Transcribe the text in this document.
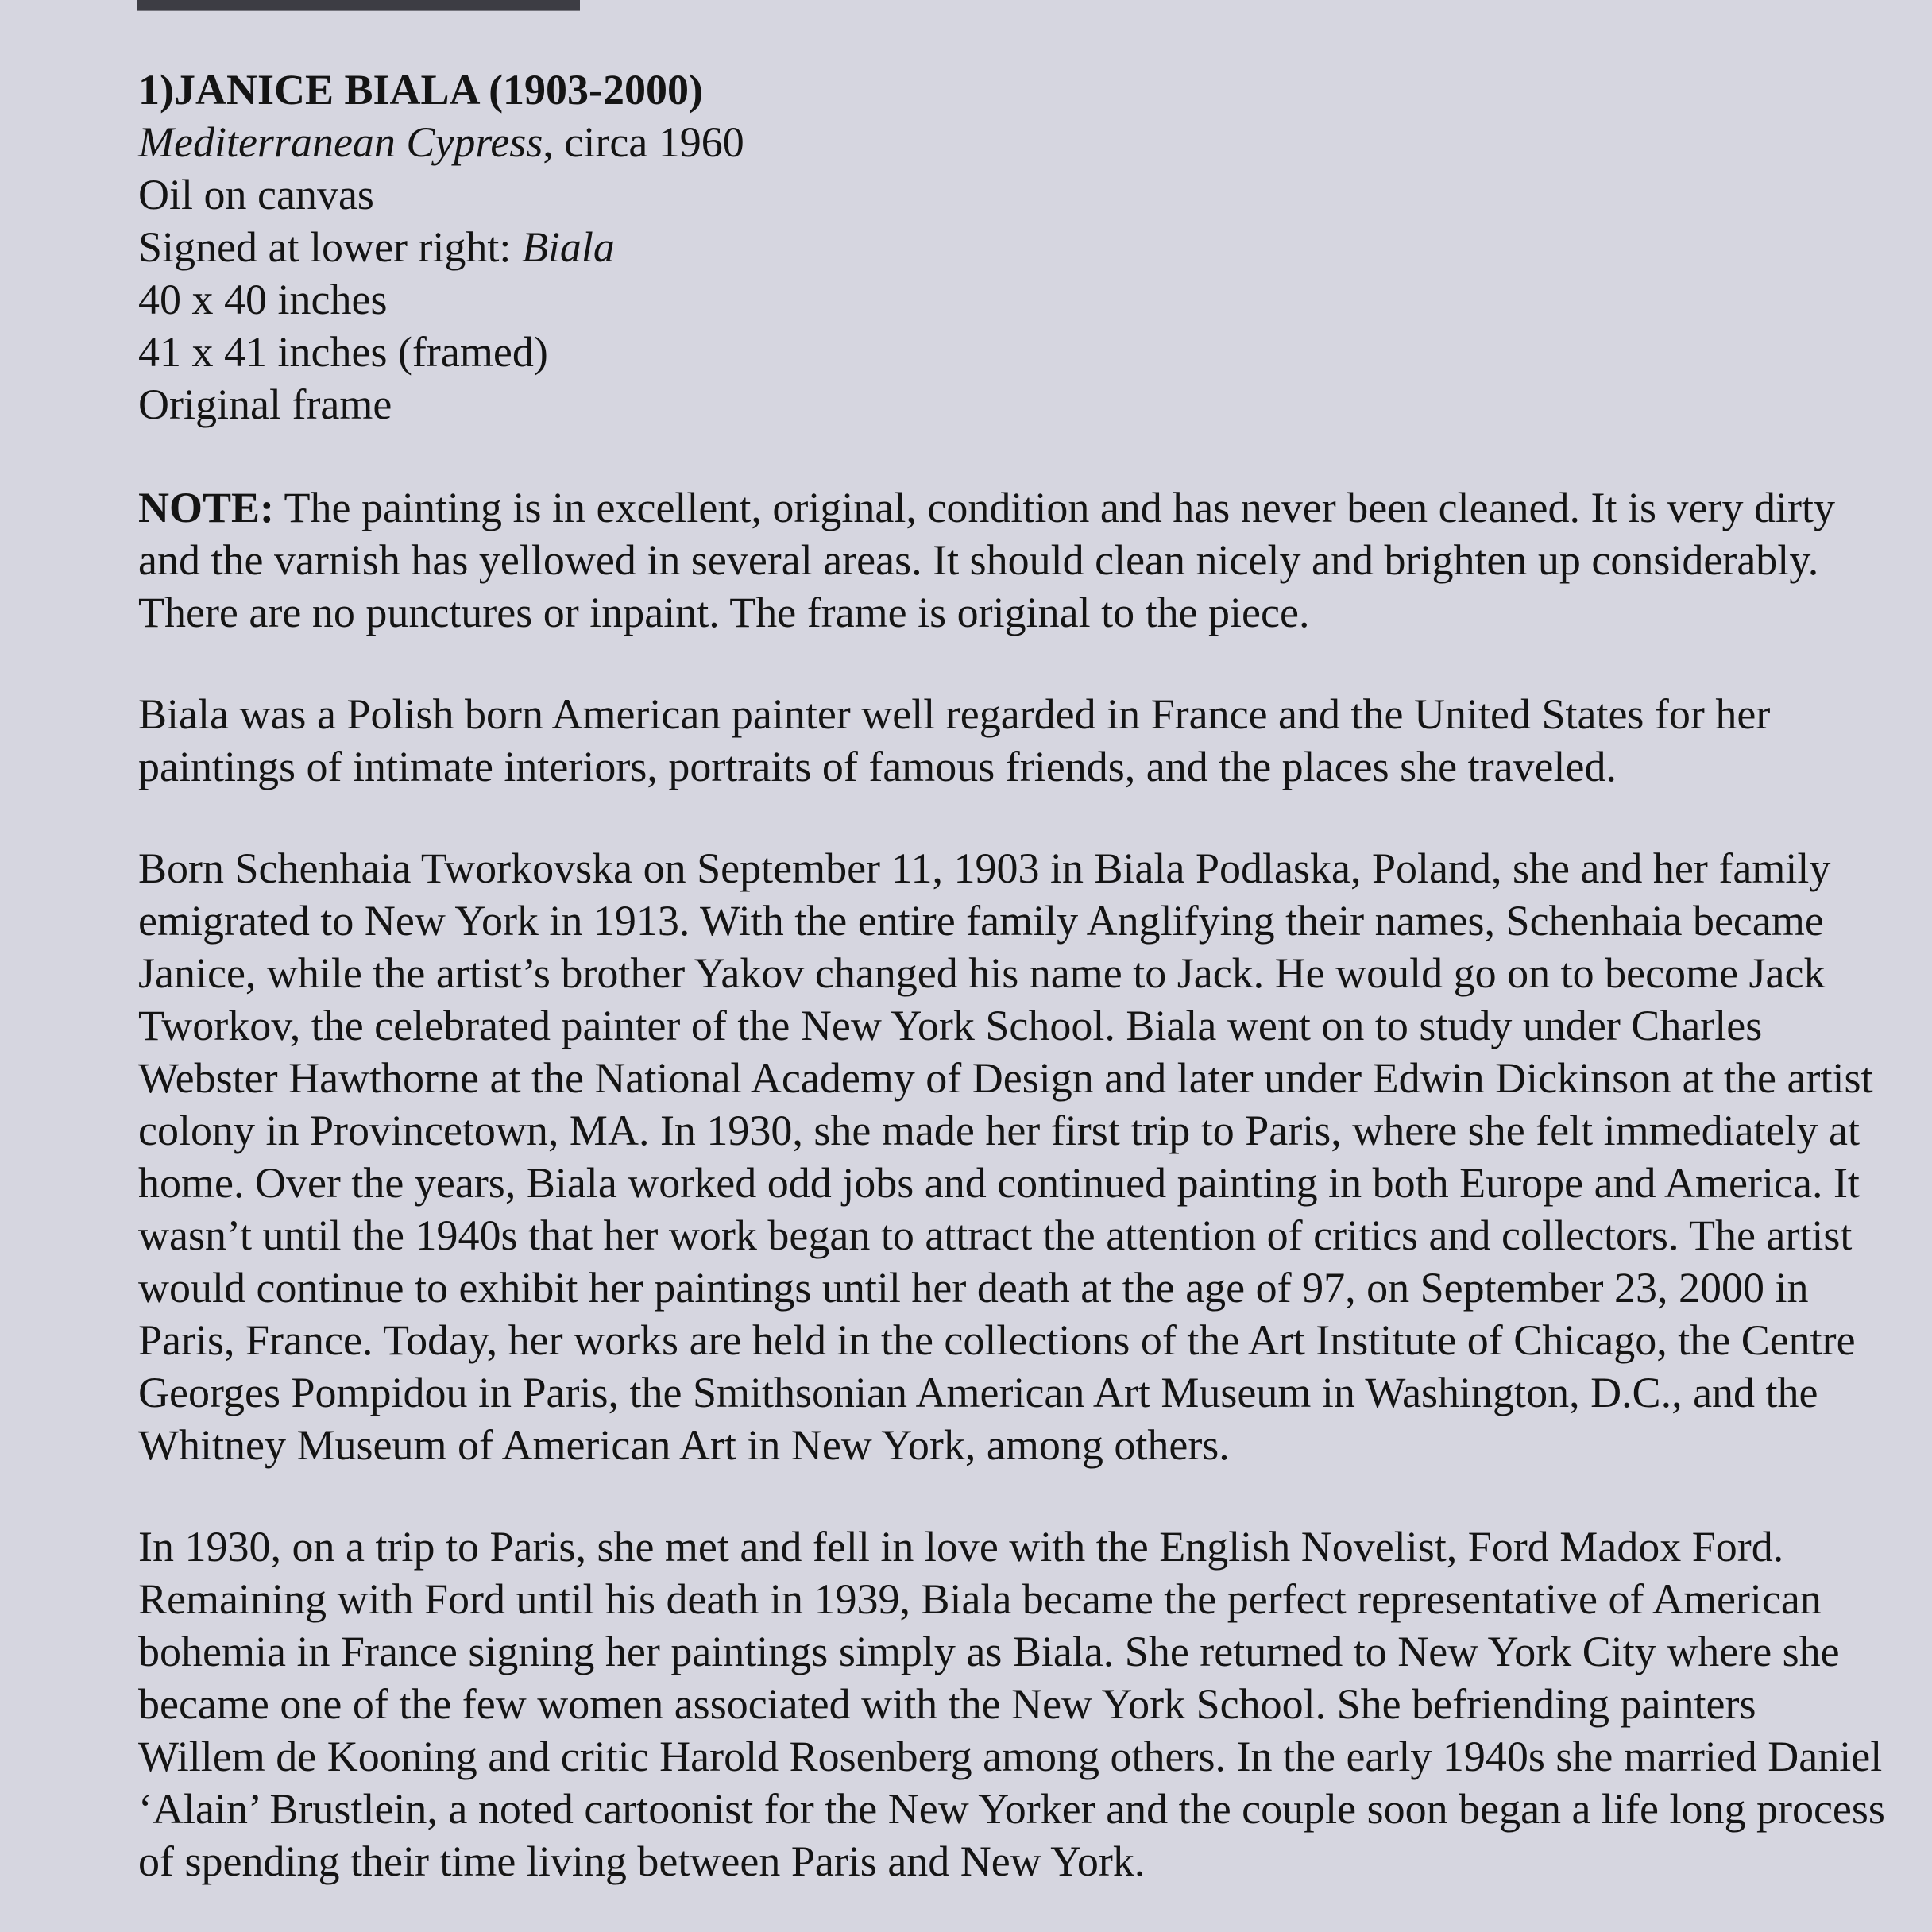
1)JANICE BIALA (1903-2000)

Mediterranean Cypress, circa 1960

Oil on canvas

Signed at lower right: Biala

40 x 40 inches

41 x 41 inches (framed)

Original frame

NOTE: The painting is in excellent, original, condition and has never been cleaned. It is very dirty and the varnish has yellowed in several areas. It should clean nicely and brighten up considerably. There are no punctures or inpaint. The frame is original to the piece.

Biala was a Polish born American painter well regarded in France and the United States for her paintings of intimate interiors, portraits of famous friends, and the places she traveled.

Born Schenhaia Tworkovska on September 11, 1903 in Biala Podlaska, Poland, she and her family emigrated to New York in 1913. With the entire family Anglifying their names, Schenhaia became Janice, while the artist’s brother Yakov changed his name to Jack. He would go on to become Jack Tworkov, the celebrated painter of the New York School. Biala went on to study under Charles Webster Hawthorne at the National Academy of Design and later under Edwin Dickinson at the artist colony in Provincetown, MA. In 1930, she made her first trip to Paris, where she felt immediately at home. Over the years, Biala worked odd jobs and continued painting in both Europe and America. It wasn’t until the 1940s that her work began to attract the attention of critics and collectors. The artist would continue to exhibit her paintings until her death at the age of 97, on September 23, 2000 in Paris, France. Today, her works are held in the collections of the Art Institute of Chicago, the Centre Georges Pompidou in Paris, the Smithsonian American Art Museum in Washington, D.C., and the Whitney Museum of American Art in New York, among others.

In 1930, on a trip to Paris, she met and fell in love with the English Novelist, Ford Madox Ford. Remaining with Ford until his death in 1939, Biala became the perfect representative of American bohemia in France signing her paintings simply as Biala. She returned to New York City where she became one of the few women associated with the New York School. She befriending painters Willem de Kooning and critic Harold Rosenberg among others. In the early 1940s she married Daniel ‘Alain’ Brustlein, a noted cartoonist for the New Yorker and the couple soon began a life long process of spending their time living between Paris and New York.
